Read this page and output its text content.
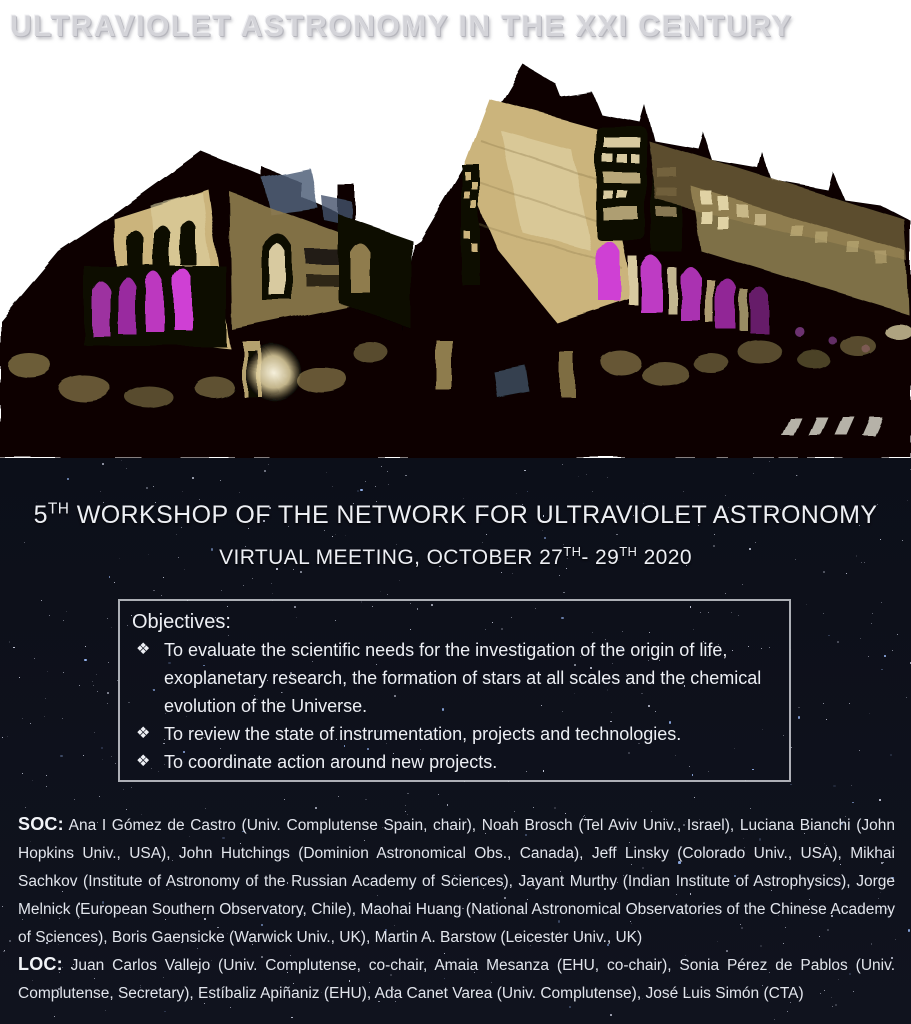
ULTRAVIOLET ASTRONOMY IN THE XXI CENTURY
5TH WORKSHOP OF THE NETWORK FOR ULTRAVIOLET ASTRONOMY
VIRTUAL MEETING, OCTOBER 27TH- 29TH 2020
Objectives:
❖ To evaluate the scientific needs for the investigation of the origin of life, exoplanetary research, the formation of stars at all scales and the chemical evolution of the Universe.
❖ To review the state of instrumentation, projects and technologies.
❖ To coordinate action around new projects.
SOC: Ana I Gómez de Castro (Univ. Complutense Spain, chair), Noah Brosch (Tel Aviv Univ., Israel), Luciana Bianchi (John Hopkins Univ., USA), John Hutchings (Dominion Astronomical Obs., Canada), Jeff Linsky (Colorado Univ., USA), Mikhai Sachkov (Institute of Astronomy of the Russian Academy of Sciences), Jayant Murthy (Indian Institute of Astrophysics), Jorge Melnick (European Southern Observatory, Chile), Maohai Huang (National Astronomical Observatories of the Chinese Academy of Sciences), Boris Gaensicke (Warwick Univ., UK), Martin A. Barstow (Leicester Univ., UK)
LOC: Juan Carlos Vallejo (Univ. Complutense, co-chair, Amaia Mesanza (EHU, co-chair), Sonia Pérez de Pablos (Univ. Complutense, Secretary), Estíbaliz Apiñaniz (EHU), Ada Canet Varea (Univ. Complutense), José Luis Simón (CTA)
